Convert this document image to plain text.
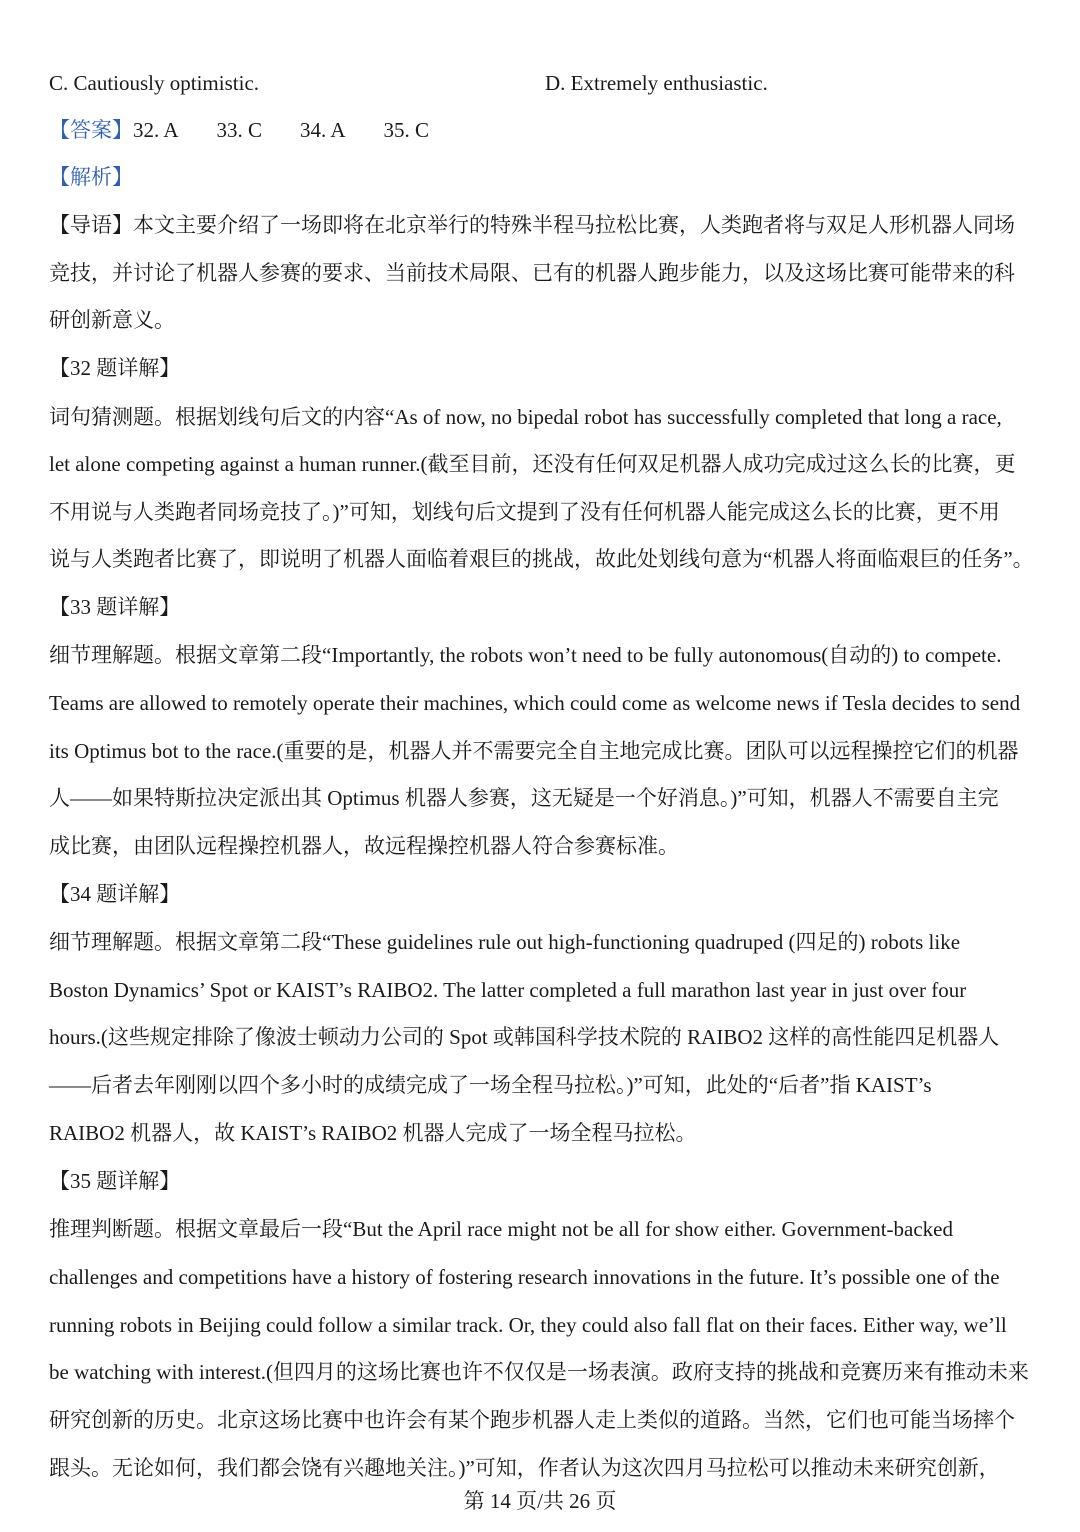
C. Cautiously optimistic.	D. Extremely enthusiastic.
【答案】32. A 33. C 34. A 35. C
【解析】
【导语】本文主要介绍了一场即将在北京举行的特殊半程马拉松比赛，人类跑者将与双足人形机器人同场
竞技，并讨论了机器人参赛的要求、当前技术局限、已有的机器人跑步能力，以及这场比赛可能带来的科
研创新意义。
【32 题详解】
词句猜测题。根据划线句后文的内容“As of now, no bipedal robot has successfully completed that long a race,
let alone competing against a human runner.(截至目前，还没有任何双足机器人成功完成过这么长的比赛，更
不用说与人类跑者同场竞技了。)”可知，划线句后文提到了没有任何机器人能完成这么长的比赛，更不用
说与人类跑者比赛了，即说明了机器人面临着艰巨的挑战，故此处划线句意为“机器人将面临艰巨的任务”。
【33 题详解】
细节理解题。根据文章第二段“Importantly, the robots won’t need to be fully autonomous(自动的) to compete.
Teams are allowed to remotely operate their machines, which could come as welcome news if Tesla decides to send
its Optimus bot to the race.(重要的是，机器人并不需要完全自主地完成比赛。团队可以远程操控它们的机器
人——如果特斯拉决定派出其 Optimus 机器人参赛，这无疑是一个好消息。)”可知，机器人不需要自主完
成比赛，由团队远程操控机器人，故远程操控机器人符合参赛标准。
【34 题详解】
细节理解题。根据文章第二段“These guidelines rule out high-functioning quadruped (四足的) robots like
Boston Dynamics’ Spot or KAIST’s RAIBO2. The latter completed a full marathon last year in just over four
hours.(这些规定排除了像波士顿动力公司的 Spot 或韩国科学技术院的 RAIBO2 这样的高性能四足机器人
——后者去年刚刚以四个多小时的成绩完成了一场全程马拉松。)”可知，此处的“后者”指 KAIST’s
RAIBO2 机器人，故 KAIST’s RAIBO2 机器人完成了一场全程马拉松。
【35 题详解】
推理判断题。根据文章最后一段“But the April race might not be all for show either. Government-backed
challenges and competitions have a history of fostering research innovations in the future. It’s possible one of the
running robots in Beijing could follow a similar track. Or, they could also fall flat on their faces. Either way, we’ll
be watching with interest.(但四月的这场比赛也许不仅仅是一场表演。政府支持的挑战和竞赛历来有推动未来
研究创新的历史。北京这场比赛中也许会有某个跑步机器人走上类似的道路。当然，它们也可能当场摔个
跟头。无论如何，我们都会饶有兴趣地关注。)”可知，作者认为这次四月马拉松可以推动未来研究创新，
第 14 页/共 26 页
